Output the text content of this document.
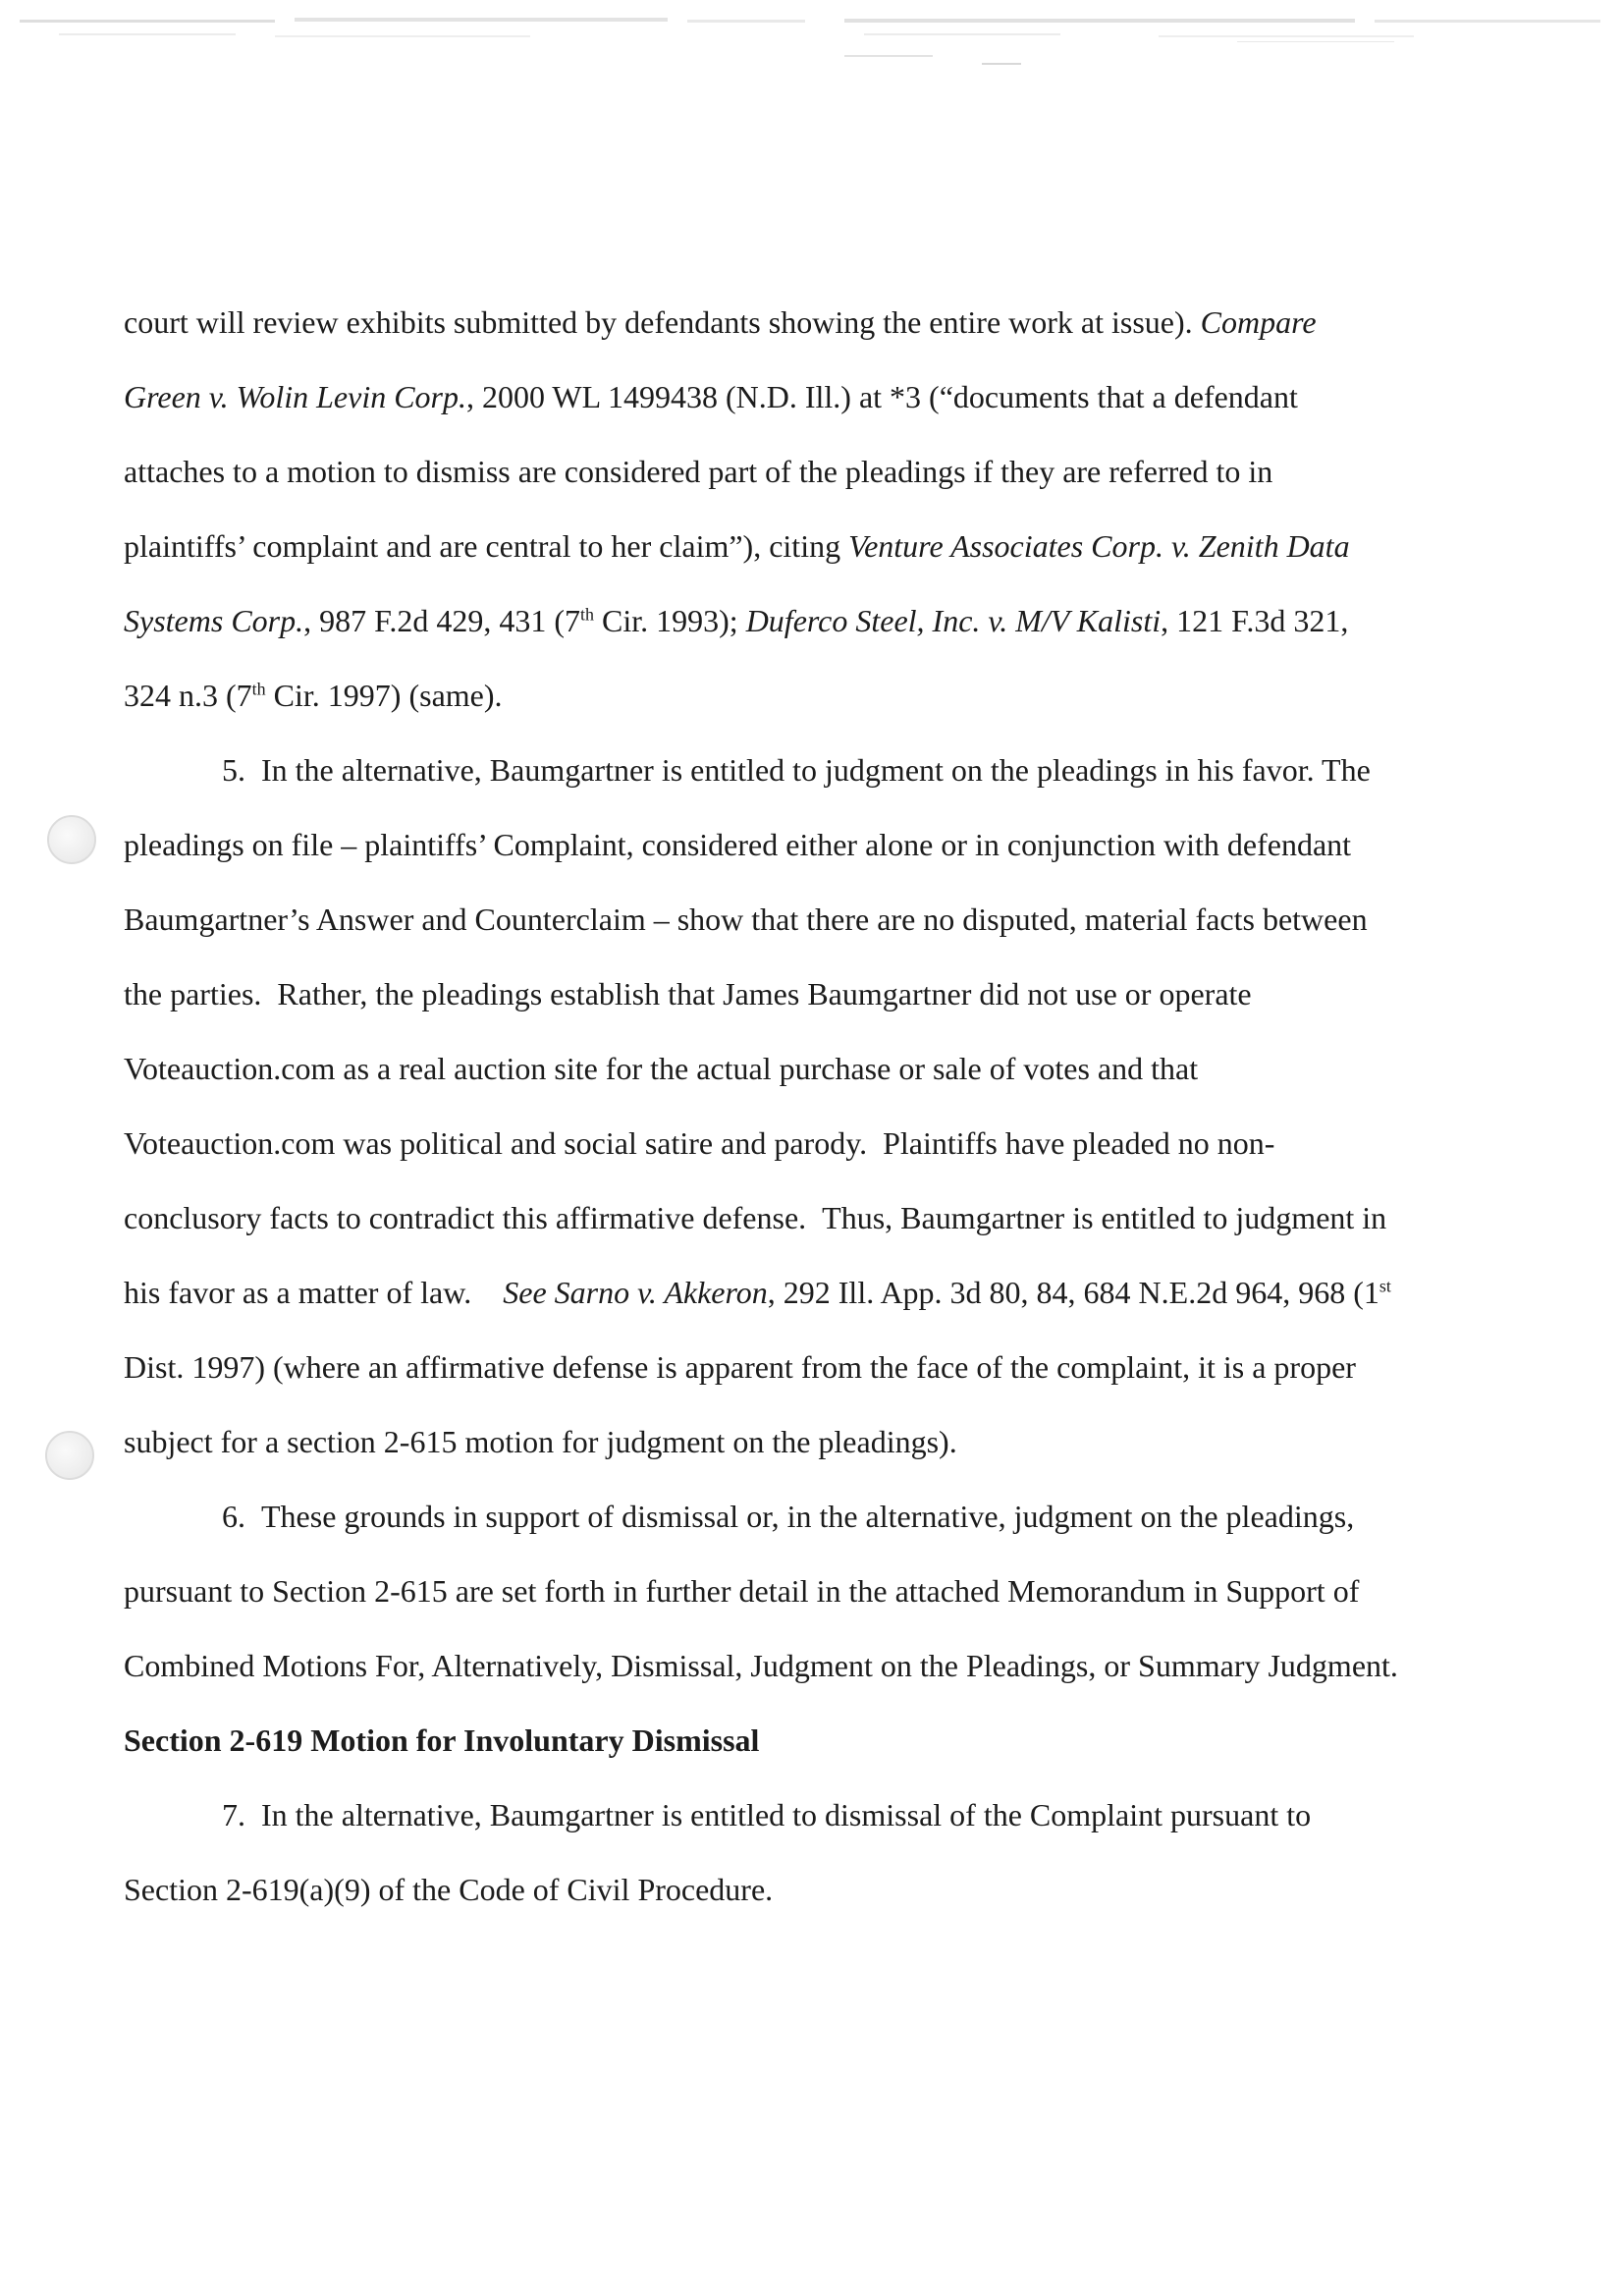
court will review exhibits submitted by defendants showing the entire work at issue). Compare Green v. Wolin Levin Corp., 2000 WL 1499438 (N.D. Ill.) at *3 (“documents that a defendant attaches to a motion to dismiss are considered part of the pleadings if they are referred to in plaintiffs’ complaint and are central to her claim”), citing Venture Associates Corp. v. Zenith Data Systems Corp., 987 F.2d 429, 431 (7th Cir. 1993); Duferco Steel, Inc. v. M/V Kalisti, 121 F.3d 321, 324 n.3 (7th Cir. 1997) (same).

5. In the alternative, Baumgartner is entitled to judgment on the pleadings in his favor. The pleadings on file – plaintiffs’ Complaint, considered either alone or in conjunction with defendant Baumgartner’s Answer and Counterclaim – show that there are no disputed, material facts between the parties. Rather, the pleadings establish that James Baumgartner did not use or operate Voteauction.com as a real auction site for the actual purchase or sale of votes and that Voteauction.com was political and social satire and parody. Plaintiffs have pleaded no non-conclusory facts to contradict this affirmative defense. Thus, Baumgartner is entitled to judgment in his favor as a matter of law. See Sarno v. Akkeron, 292 Ill. App. 3d 80, 84, 684 N.E.2d 964, 968 (1st Dist. 1997) (where an affirmative defense is apparent from the face of the complaint, it is a proper subject for a section 2-615 motion for judgment on the pleadings).

6. These grounds in support of dismissal or, in the alternative, judgment on the pleadings, pursuant to Section 2-615 are set forth in further detail in the attached Memorandum in Support of Combined Motions For, Alternatively, Dismissal, Judgment on the Pleadings, or Summary Judgment.

Section 2-619 Motion for Involuntary Dismissal

7. In the alternative, Baumgartner is entitled to dismissal of the Complaint pursuant to Section 2-619(a)(9) of the Code of Civil Procedure.
